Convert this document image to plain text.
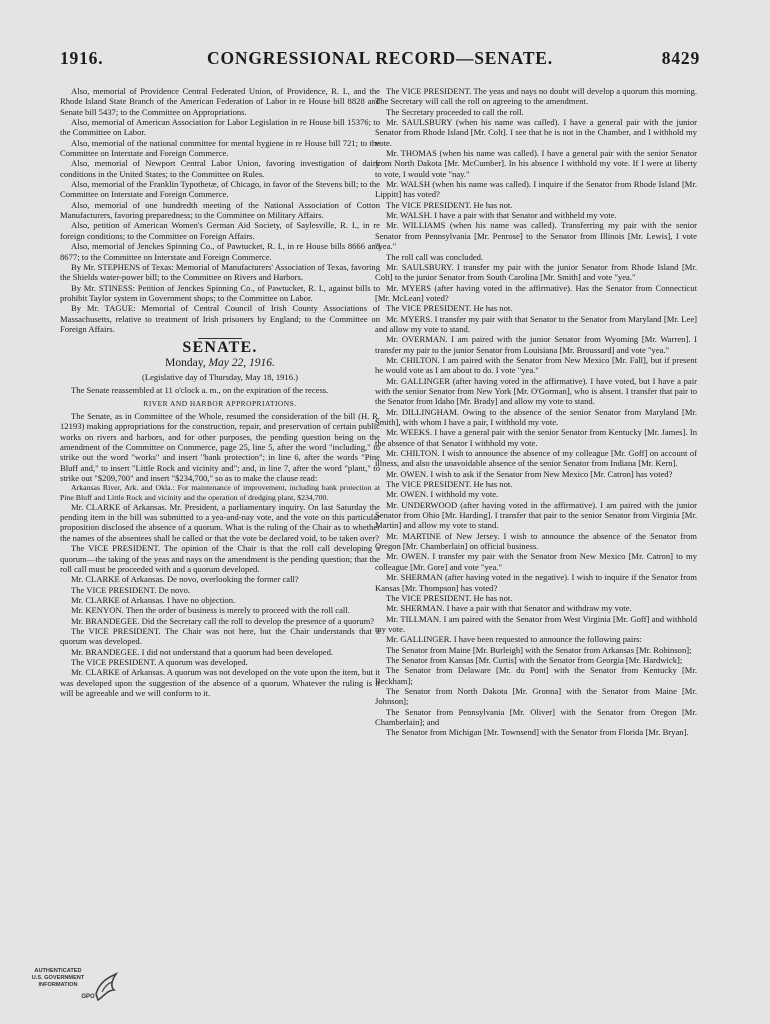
1916.	CONGRESSIONAL RECORD—SENATE.	8429

Also, memorial of Providence Central Federated Union, of Providence, R. I., and the Rhode Island State Branch of the American Federation of Labor in re House bill 8828 and Senate bill 5437; to the Committee on Appropriations.

Also, memorial of American Association for Labor Legislation in re House bill 15376; to the Committee on Labor.

Also, memorial of the national committee for mental hygiene in re House bill 721; to the Committee on Interstate and Foreign Commerce.

Also, memorial of Newport Central Labor Union, favoring investigation of dairy conditions in the United States; to the Committee on Rules.

Also, memorial of the Franklin Typothetæ, of Chicago, in favor of the Stevens bill; to the Committee on Interstate and Foreign Commerce.

Also, memorial of one hundredth meeting of the National Association of Cotton Manufacturers, favoring preparedness; to the Committee on Military Affairs.

Also, petition of American Women's German Aid Society, of Saylesville, R. I., in re foreign conditions; to the Committee on Foreign Affairs.

Also, memorial of Jenckes Spinning Co., of Pawtucket, R. I., in re House bills 8666 and 8677; to the Committee on Interstate and Foreign Commerce.

By Mr. STEPHENS of Texas: Memorial of Manufacturers' Association of Texas, favoring the Shields water-power bill; to the Committee on Rivers and Harbors.

By Mr. STINESS: Petition of Jenckes Spinning Co., of Pawtucket, R. I., against bills to prohibit Taylor system in Government shops; to the Committee on Labor.

By Mr. TAGUE: Memorial of Central Council of Irish County Associations of Massachusetts, relative to treatment of Irish prisoners by England; to the Committee on Foreign Affairs.

SENATE.

Monday, May 22, 1916.

(Legislative day of Thursday, May 18, 1916.)

The Senate reassembled at 11 o'clock a. m., on the expiration of the recess.

RIVER AND HARBOR APPROPRIATIONS.

The Senate, as in Committee of the Whole, resumed the consideration of the bill (H. R. 12193) making appropriations for the construction, repair, and preservation of certain public works on rivers and harbors, and for other purposes, the pending question being on the amendment of the Committee on Commerce, page 25, line 5, after the word "including," to strike out the word "works" and insert "bank protection"; in line 6, after the words "Pine Bluff and," to insert "Little Rock and vicinity and"; and, in line 7, after the word "plant," to strike out "$209,700" and insert "$234,700," so as to make the clause read:

Arkansas River, Ark. and Okla.: For maintenance of improvement, including bank protection at Pine Bluff and Little Rock and vicinity and the operation of dredging plant, $234,700.

Mr. CLARKE of Arkansas. Mr. President, a parliamentary inquiry. On last Saturday the pending item in the bill was submitted to a yea-and-nay vote, and the vote on this particular proposition disclosed the absence of a quorum. What is the ruling of the Chair as to whether the names of the absentees shall be called or that the vote be declared void, to be taken over?

The VICE PRESIDENT. The opinion of the Chair is that the roll call developing a quorum—the taking of the yeas and nays on the amendment is the pending question; that the roll call must be proceeded with and a quorum developed.

Mr. CLARKE of Arkansas. De novo, overlooking the former call?

The VICE PRESIDENT. De novo.

Mr. CLARKE of Arkansas. I have no objection.

Mr. KENYON. Then the order of business is merely to proceed with the roll call.

Mr. BRANDEGEE. Did the Secretary call the roll to develop the presence of a quorum?

The VICE PRESIDENT. The Chair was not here, but the Chair understands that a quorum was developed.

Mr. BRANDEGEE. I did not understand that a quorum had been developed.

The VICE PRESIDENT. A quorum was developed.

Mr. CLARKE of Arkansas. A quorum was not developed on the vote upon the item, but it was developed upon the suggestion of the absence of a quorum. Whatever the ruling is it will be agreeable and we will conform to it.

The VICE PRESIDENT. The yeas and nays no doubt will develop a quorum this morning. The Secretary will call the roll on agreeing to the amendment.

The Secretary proceeded to call the roll.

Mr. SAULSBURY (when his name was called). I have a general pair with the junior Senator from Rhode Island [Mr. Colt]. I see that he is not in the Chamber, and I withhold my vote.

Mr. THOMAS (when his name was called). I have a general pair with the senior Senator from North Dakota [Mr. McCumber]. In his absence I withhold my vote. If I were at liberty to vote, I would vote "nay."

Mr. WALSH (when his name was called). I inquire if the Senator from Rhode Island [Mr. Lippitt] has voted?

The VICE PRESIDENT. He has not.

Mr. WALSH. I have a pair with that Senator and withheld my vote.

Mr. WILLIAMS (when his name was called). Transferring my pair with the senior Senator from Pennsylvania [Mr. Penrose] to the Senator from Illinois [Mr. Lewis], I vote "yea."

The roll call was concluded.

Mr. SAULSBURY. I transfer my pair with the junior Senator from Rhode Island [Mr. Colt] to the junior Senator from South Carolina [Mr. Smith] and vote "yea."

Mr. MYERS (after having voted in the affirmative). Has the Senator from Connecticut [Mr. McLean] voted?

The VICE PRESIDENT. He has not.

Mr. MYERS. I transfer my pair with that Senator to the Senator from Maryland [Mr. Lee] and allow my vote to stand.

Mr. OVERMAN. I am paired with the junior Senator from Wyoming [Mr. Warren]. I transfer my pair to the junior Senator from Louisiana [Mr. Broussard] and vote "yea."

Mr. CHILTON. I am paired with the Senator from New Mexico [Mr. Fall], but if present he would vote as I am about to do. I vote "yea."

Mr. GALLINGER (after having voted in the affirmative). I have voted, but I have a pair with the senior Senator from New York [Mr. O'Gorman], who is absent. I transfer that pair to the Senator from Idaho [Mr. Brady] and allow my vote to stand.

Mr. DILLINGHAM. Owing to the absence of the senior Senator from Maryland [Mr. Smith], with whom I have a pair, I withhold my vote.

Mr. WEEKS. I have a general pair with the senior Senator from Kentucky [Mr. James]. In the absence of that Senator I withhold my vote.

Mr. CHILTON. I wish to announce the absence of my colleague [Mr. Goff] on account of illness, and also the unavoidable absence of the senior Senator from Indiana [Mr. Kern].

Mr. OWEN. I wish to ask if the Senator from New Mexico [Mr. Catron] has voted?

The VICE PRESIDENT. He has not.

Mr. OWEN. I withhold my vote.

Mr. UNDERWOOD (after having voted in the affirmative). I am paired with the junior Senator from Ohio [Mr. Harding]. I transfer that pair to the senior Senator from Virginia [Mr. Martin] and allow my vote to stand.

Mr. MARTINE of New Jersey. I wish to announce the absence of the Senator from Oregon [Mr. Chamberlain] on official business.

Mr. OWEN. I transfer my pair with the Senator from New Mexico [Mr. Catron] to my colleague [Mr. Gore] and vote "yea."

Mr. SHERMAN (after having voted in the negative). I wish to inquire if the Senator from Kansas [Mr. Thompson] has voted?

The VICE PRESIDENT. He has not.

Mr. SHERMAN. I have a pair with that Senator and withdraw my vote.

Mr. TILLMAN. I am paired with the Senator from West Virginia [Mr. Goff] and withhold my vote.

Mr. GALLINGER. I have been requested to announce the following pairs:

The Senator from Maine [Mr. Burleigh] with the Senator from Arkansas [Mr. Robinson];

The Senator from Kansas [Mr. Curtis] with the Senator from Georgia [Mr. Hardwick];

The Senator from Delaware [Mr. du Pont] with the Senator from Kentucky [Mr. Beckham];

The Senator from North Dakota [Mr. Gronna] with the Senator from Maine [Mr. Johnson];

The Senator from Pennsylvania [Mr. Oliver] with the Senator from Oregon [Mr. Chamberlain]; and

The Senator from Michigan [Mr. Townsend] with the Senator from Florida [Mr. Bryan].

AUTHENTICATED
U.S. GOVERNMENT
INFORMATION
GPO
